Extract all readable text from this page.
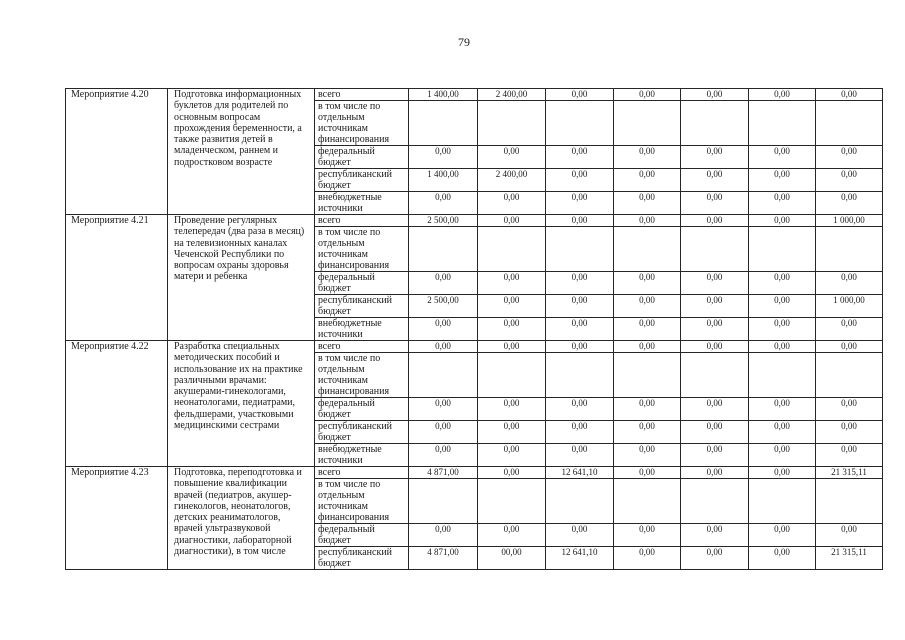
79
Мероприятие 4.20	Подготовка информационных буклетов для родителей по основным вопросам прохождения беременности, а также развития детей в младенческом, раннем и подростковом возрасте	всего	1 400,00	2 400,00	0,00	0,00	0,00	0,00	0,00
		в том числе по отдельным источникам финансирования							
		федеральный бюджет	0,00	0,00	0,00	0,00	0,00	0,00	0,00
		республиканский бюджет	1 400,00	2 400,00	0,00	0,00	0,00	0,00	0,00
		внебюджетные источники	0,00	0,00	0,00	0,00	0,00	0,00	0,00
Мероприятие 4.21	Проведение регулярных телепередач (два раза в месяц) на телевизионных каналах Чеченской Республики по вопросам охраны здоровья матери и ребенка	всего	2 500,00	0,00	0,00	0,00	0,00	0,00	1 000,00
		в том числе по отдельным источникам финансирования							
		федеральный бюджет	0,00	0,00	0,00	0,00	0,00	0,00	0,00
		республиканский бюджет	2 500,00	0,00	0,00	0,00	0,00	0,00	1 000,00
		внебюджетные источники	0,00	0,00	0,00	0,00	0,00	0,00	0,00
Мероприятие 4.22	Разработка специальных методических пособий и использование их на практике различными врачами: акушерами-гинекологами, неонатологами, педиатрами, фельдшерами, участковыми медицинскими сестрами	всего	0,00	0,00	0,00	0,00	0,00	0,00	0,00
		в том числе по отдельным источникам финансирования							
		федеральный бюджет	0,00	0,00	0,00	0,00	0,00	0,00	0,00
		республиканский бюджет	0,00	0,00	0,00	0,00	0,00	0,00	0,00
		внебюджетные источники	0,00	0,00	0,00	0,00	0,00	0,00	0,00
Мероприятие 4.23	Подготовка, переподготовка и повышение квалификации врачей (педиатров, акушер-гинекологов, неонатологов, детских реаниматологов, врачей ультразвуковой диагностики, лабораторной диагностики), в том числе	всего	4 871,00	0,00	12 641,10	0,00	0,00	0,00	21 315,11
		в том числе по отдельным источникам финансирования							
		федеральный бюджет	0,00	0,00	0,00	0,00	0,00	0,00	0,00
		республиканский бюджет	4 871,00	00,00	12 641,10	0,00	0,00	0,00	21 315,11
